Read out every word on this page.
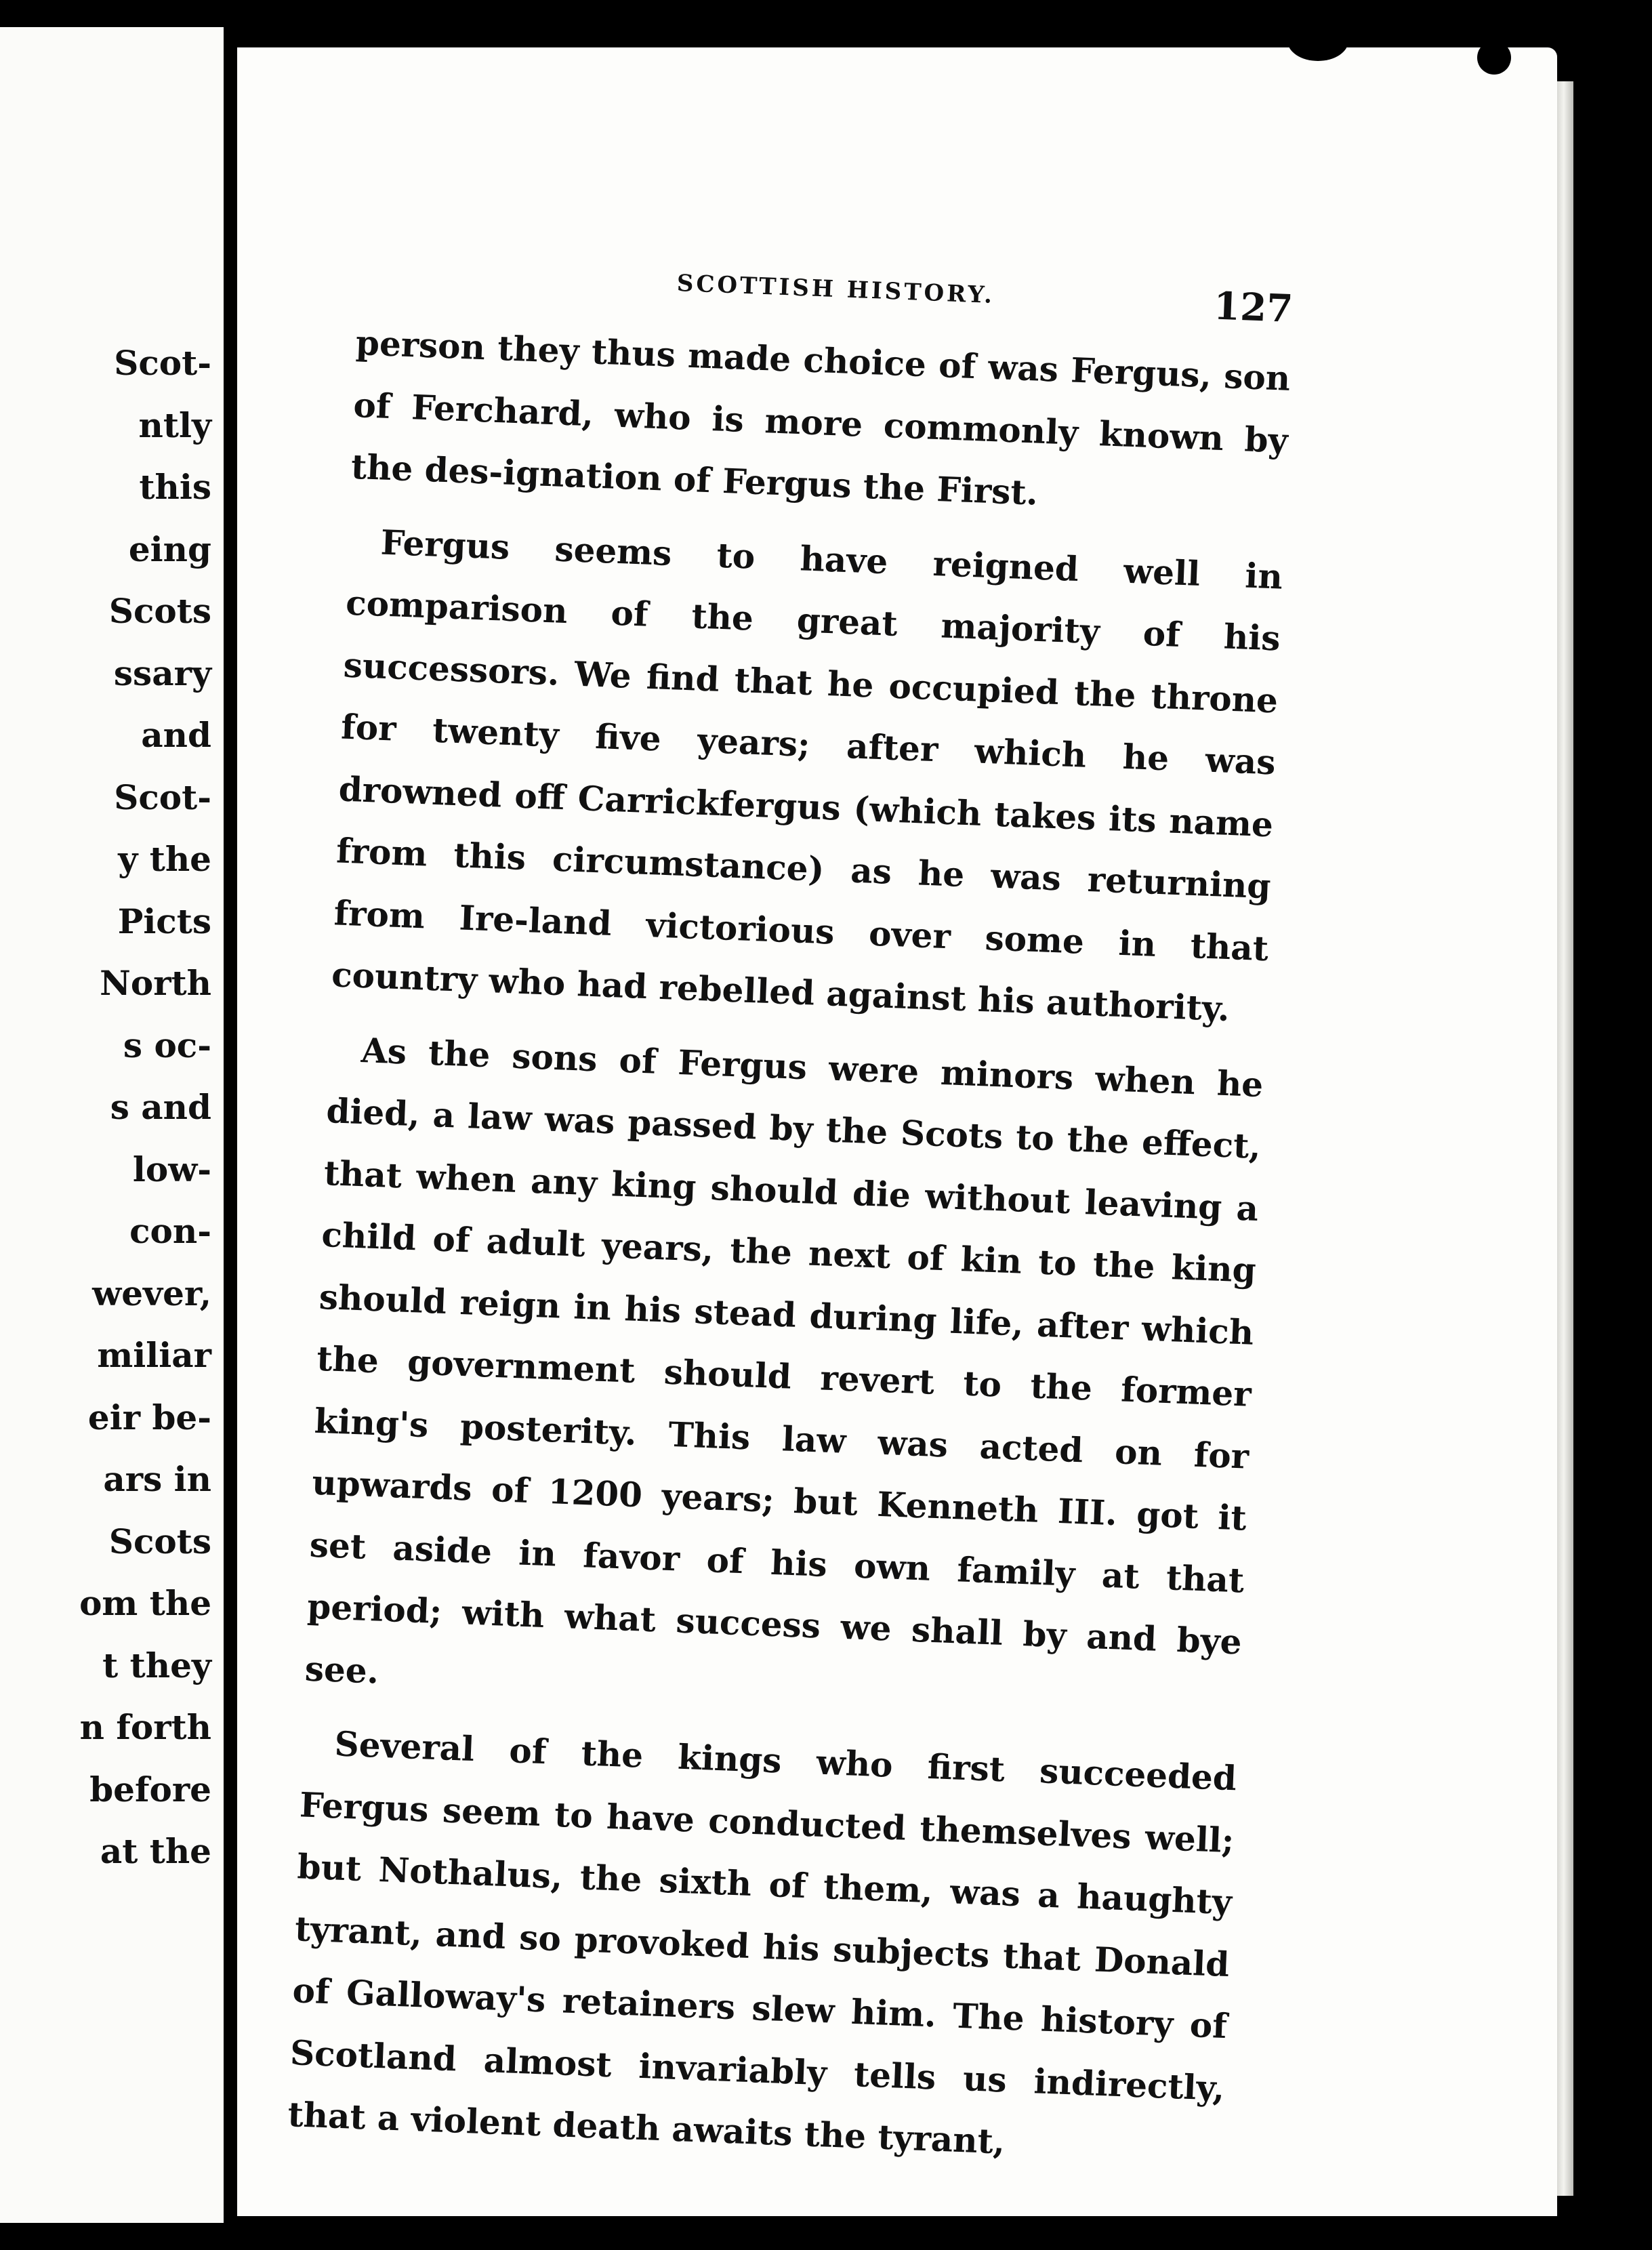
Scot-
ntly
this
eing
Scots
ssary
and
Scot-
y the
Picts
North
s oc-
s and
low-
con-
wever,
miliar
eir be-
ars in
Scots
om the
t they
n forth
before
at the
SCOTTISH HISTORY.	127

person they thus made choice of was Fergus, son of Ferchard, who is more commonly known by the des-ignation of Fergus the First.

Fergus seems to have reigned well in comparison of the great majority of his successors. We find that he occupied the throne for twenty five years; after which he was drowned off Carrickfergus (which takes its name from this circumstance) as he was returning from Ire-land victorious over some in that country who had rebelled against his authority.

As the sons of Fergus were minors when he died, a law was passed by the Scots to the effect, that when any king should die without leaving a child of adult years, the next of kin to the king should reign in his stead during life, after which the government should revert to the former king's posterity. This law was acted on for upwards of 1200 years; but Kenneth III. got it set aside in favor of his own family at that period; with what success we shall by and bye see.

Several of the kings who first succeeded Fergus seem to have conducted themselves well; but Nothalus, the sixth of them, was a haughty tyrant, and so provoked his subjects that Donald of Galloway's retainers slew him. The history of Scotland almost invariably tells us indirectly, that a violent death awaits the tyrant,
